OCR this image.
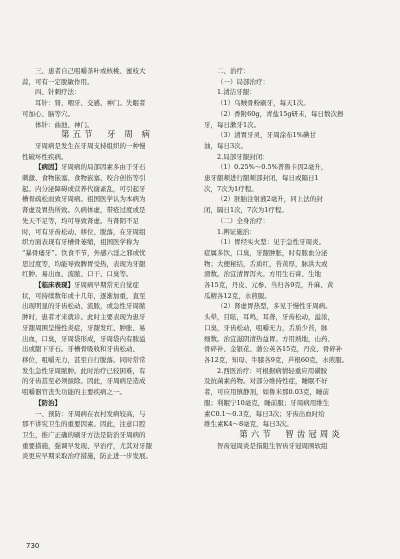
三、患者自己咀嚼茶叶或核桃、蜜枝大

蒜，可有一定脱敏作用。

四、针刺疗法：

耳针：肾、咽牙、交感、神门。失眠者

可加心、脑等穴。

体针：曲池、神门。

第五节　牙 周 病

牙周病是发生在牙周支持组织的一种慢

性破坏性疾病。

【病因】牙周病的局部因素多由于牙石

刺激、食物嵌塞、食物嵌塞、咬合创伤等引

起。内分泌障碍或营养代谢紊乱，可引起牙

槽骨疏松而致牙周病。祖国医学认为本病为

肾虚及胃热所致。久病体虚，带疮过度或是

先天不足等，均可导致肾虚。当肾阴不足

时，可有牙齿松动、移位、脱落，在牙周组

织方面表现有牙槽骨萎缩，祖国医学称为

“暴骨痿牙”。饮食不节，外感六淫之邪或忧

思过度等，均能导致脾胃受热，表现为牙龈

红肿、易出血、流脓、口干、口臭等。

【临床表现】牙周病早期常无自觉症

状，可持续数年或十几年，逐渐加重，直至

出现明显的牙齿松动、流脓，或急性牙周脓

肿时，患者才来就诊。此时主要表现为患牙

牙龈周围呈慢性炎症，牙龈发红、肿胀、易

出血，口臭，牙周袋形成，牙周袋内有脓溢

出或龈下牙石。牙槽骨吸收和牙齿松动、

移位，咀嚼无力，甚至自行脱落。同时常常

发生急性牙周脓肿。此时治疗已较困难，有

的牙齿甚至必须拔除。因此，牙周病是造成

咀嚼器官丧失功能的主要疾病之一。

【防治】

一、预防：牙周病在农村发病较高，与

那不讲究卫生的重要因素。因此，注意口腔

卫生，推广正确的刷牙方法是防治牙周病的

重要措施，强调早发现、早治疗，尤其对牙龈

炎更应早期采取治疗措施，防止进一步发展。

二、治疗：

（一）局部治疗：

1.清洁牙龈：

（1）乌贼骨粉刷牙，每天1次。

（2）香附60g，青盐15g研末，每日数次擦

牙，每日漱牙1次。

（3）清胃牙灵，牙周涂布1%碘甘

油，每日3次。

2.局部牙龈封闭：

（1）0.25%～0.5%普鲁卡因2毫升，

患牙龈颊进行龈颊部封闭，每日或隔日1

次，7次为1疗程。

（2）胚胎注射液2毫升，同上法的封

闭，隔日1次，7次为1疗程。

（二）全身治疗：

1.辨证施治：

（1）胃经实火型：见于急性牙周炎。

症属多饮，口臭，牙龈肿胀，时有脓血分泌

物；大便秘结，舌质红，苔黄厚，脉洪大或

滑数。治宜清胃泻火。方用生石膏、生地

各15克，丹皮、元参、当归各9克，升麻、黄

瓜精各12克，水煎服。

（2）肾虚胃热型，多见于慢性牙周病。

头晕，目眩，耳鸣，耳聋，牙齿松动，溢浓，

口臭，牙齿松动，咀嚼无力，舌质少苔，脉

细数。治宜滋阴清热益胃。方用熟地，山药、

骨碎补、金银花、蒲公英各15克，丹皮、骨碎补

各12克，知母、牛膝各9克，芦根60克，水煎服。

2.西医治疗：可根据病情轻重应用磺胺

及抗菌素药物。对部分维持性症，睡眠不好

者，可应用镇静剂，如鲁米那0.03克，睡前

服；利眠宁10毫克，睡前服；牙周病用维生

素C0.1～0.3克，每日3次；牙齿出血时给

维生素K4～8毫克，每日3次。

第六节　智齿冠周炎

智齿冠周炎是指阻生智齿牙冠周围软组

730
